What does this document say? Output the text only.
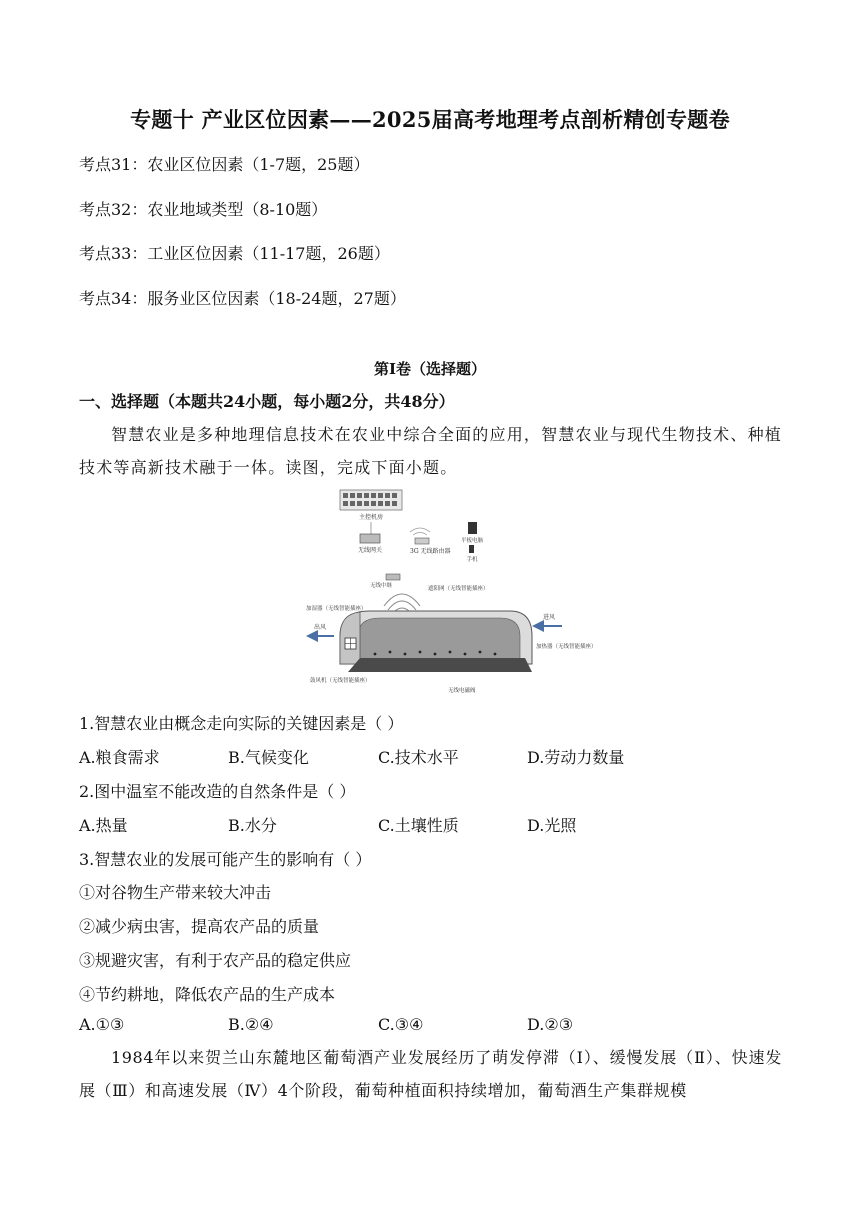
专题十 产业区位因素——2025届高考地理考点剖析精创专题卷
考点31：农业区位因素（1-7题，25题）
考点32：农业地域类型（8-10题）
考点33：工业区位因素（11-17题，26题）
考点34：服务业区位因素（18-24题，27题）
第Ⅰ卷（选择题）
一、选择题（本题共24小题，每小题2分，共48分）

智慧农业是多种地理信息技术在农业中综合全面的应用，智慧农业与现代生物技术、种植技术等高新技术融于一体。读图，完成下面小题。

主控机房
无线网关	3G 无线路由器
平板电脑
手机
无线中继	遮阳网（无线智能插座）
加湿器（无线智能插座）
出风
进风
加热器（无线智能插座）
鼓风机（无线智能插座）
无线电磁阀
1.智慧农业由概念走向实际的关键因素是（ ）
A.粮食需求	B.气候变化	C.技术水平	D.劳动力数量
2.图中温室不能改造的自然条件是（ ）
A.热量	B.水分	C.土壤性质	D.光照
3.智慧农业的发展可能产生的影响有（ ）
①对谷物生产带来较大冲击
②减少病虫害，提高农产品的质量
③规避灾害，有利于农产品的稳定供应
④节约耕地，降低农产品的生产成本
A.①③	B.②④	C.③④	D.②③

1984年以来贺兰山东麓地区葡萄酒产业发展经历了萌发停滞（Ⅰ）、缓慢发展（Ⅱ）、快速发展（Ⅲ）和高速发展（Ⅳ）4个阶段，葡萄种植面积持续增加，葡萄酒生产集群规模
